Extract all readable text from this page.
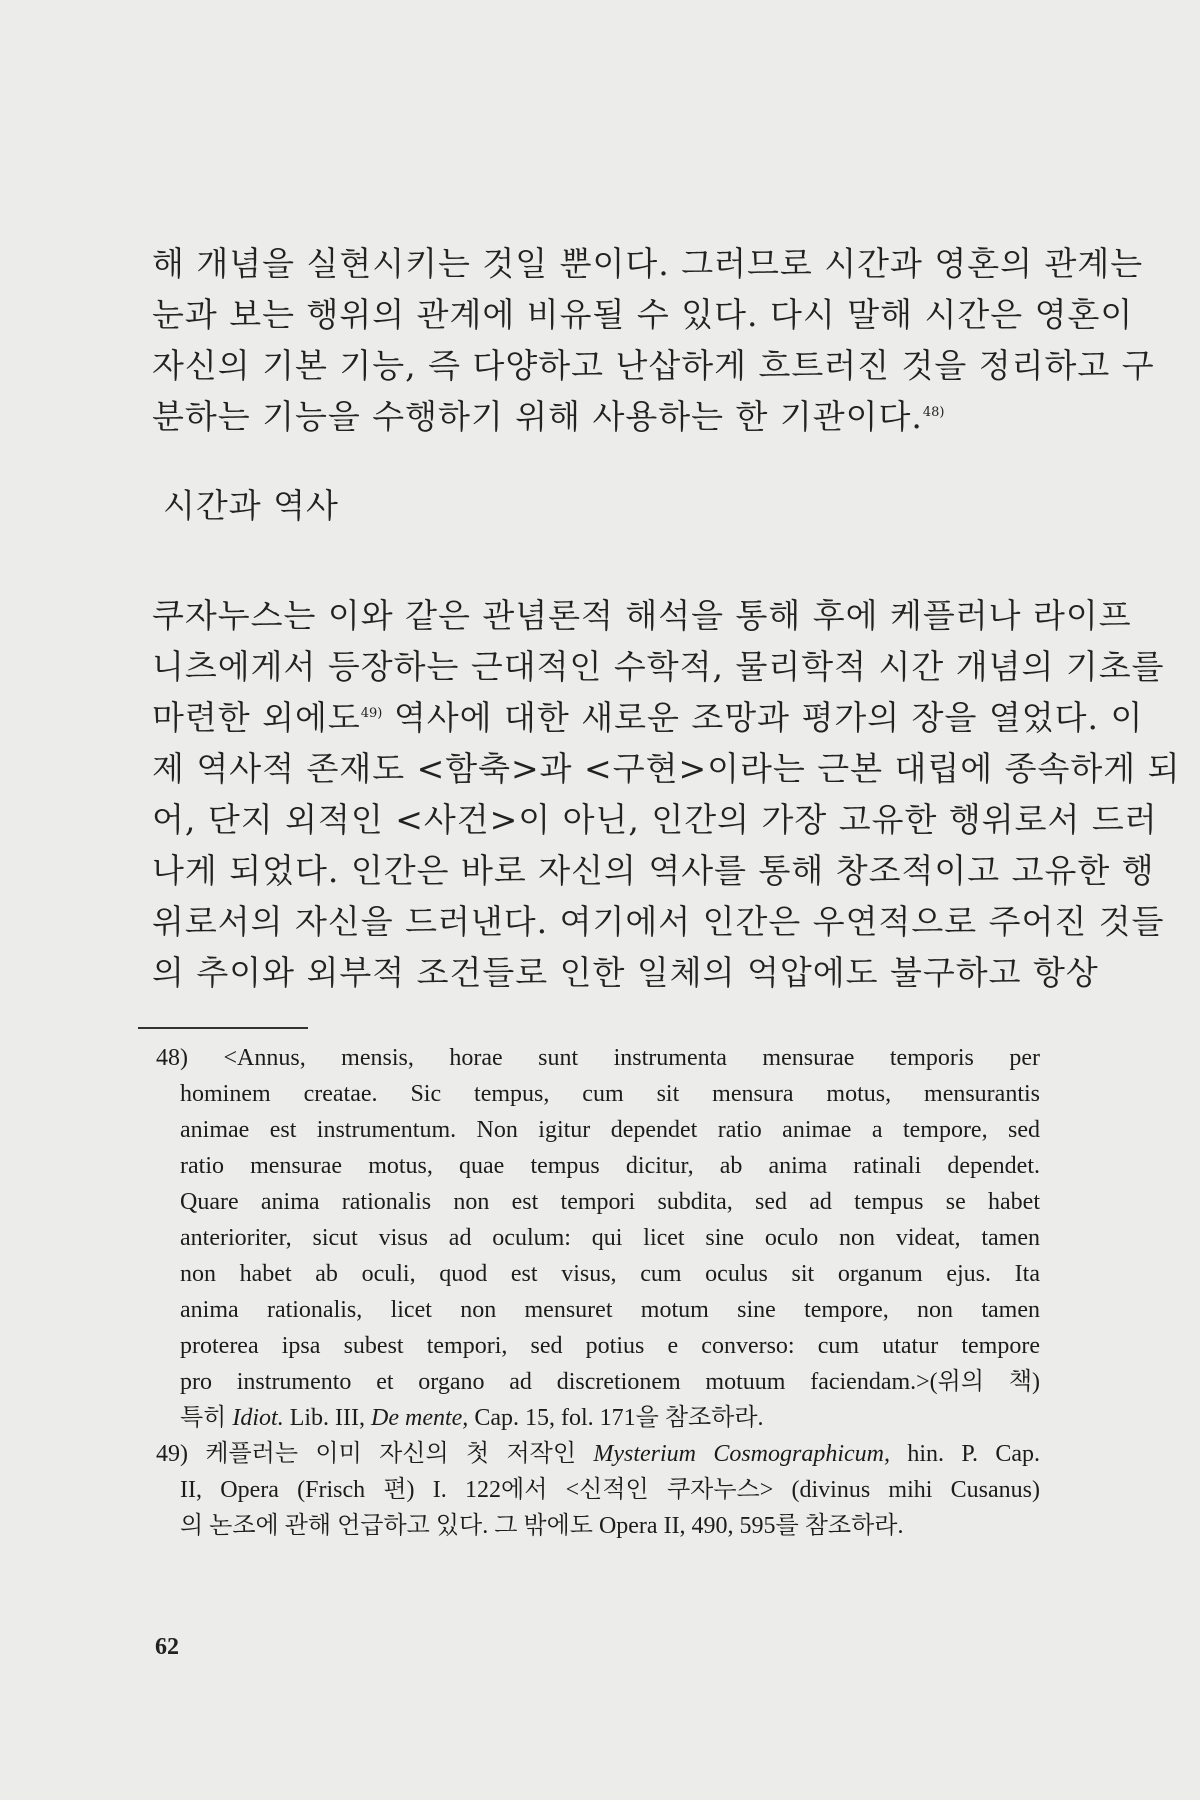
해 개념을 실현시키는 것일 뿐이다. 그러므로 시간과 영혼의 관계는
눈과 보는 행위의 관계에 비유될 수 있다. 다시 말해 시간은 영혼이
자신의 기본 기능, 즉 다양하고 난삽하게 흐트러진 것을 정리하고 구
분하는 기능을 수행하기 위해 사용하는 한 기관이다.$^{48)}$
시간과 역사
쿠자누스는 이와 같은 관념론적 해석을 통해 후에 케플러나 라이프
니츠에게서 등장하는 근대적인 수학적, 물리학적 시간 개념의 기초를
마련한 외에도$^{49)}$ 역사에 대한 새로운 조망과 평가의 장을 열었다. 이
제 역사적 존재도 <함축>과 <구현>이라는 근본 대립에 종속하게 되
어, 단지 외적인 <사건>이 아닌, 인간의 가장 고유한 행위로서 드러
나게 되었다. 인간은 바로 자신의 역사를 통해 창조적이고 고유한 행
위로서의 자신을 드러낸다. 여기에서 인간은 우연적으로 주어진 것들
의 추이와 외부적 조건들로 인한 일체의 억압에도 불구하고 항상
48) <Annus, mensis, horae sunt instrumenta mensurae temporis per
hominem creatae. Sic tempus, cum sit mensura motus, mensurantis
animae est instrumentum. Non igitur dependet ratio animae a tempore, sed
ratio mensurae motus, quae tempus dicitur, ab anima ratinali dependet.
Quare anima rationalis non est tempori subdita, sed ad tempus se habet
anterioriter, sicut visus ad oculum: qui licet sine oculo non videat, tamen
non habet ab oculi, quod est visus, cum oculus sit organum ejus. Ita
anima rationalis, licet non mensuret motum sine tempore, non tamen
proterea ipsa subest tempori, sed potius e converso: cum utatur tempore
pro instrumento et organo ad discretionem motuum faciendam.>(위의 책)
특히 Idiot. Lib. III, De mente, Cap. 15, fol. 171을 참조하라.
49) 케플러는 이미 자신의 첫 저작인 Mysterium Cosmographicum, hin. P. Cap.
II, Opera (Frisch 편) I. 122에서 <신적인 쿠자누스> (divinus mihi Cusanus)
의 논조에 관해 언급하고 있다. 그 밖에도 Opera II, 490, 595를 참조하라.
62
